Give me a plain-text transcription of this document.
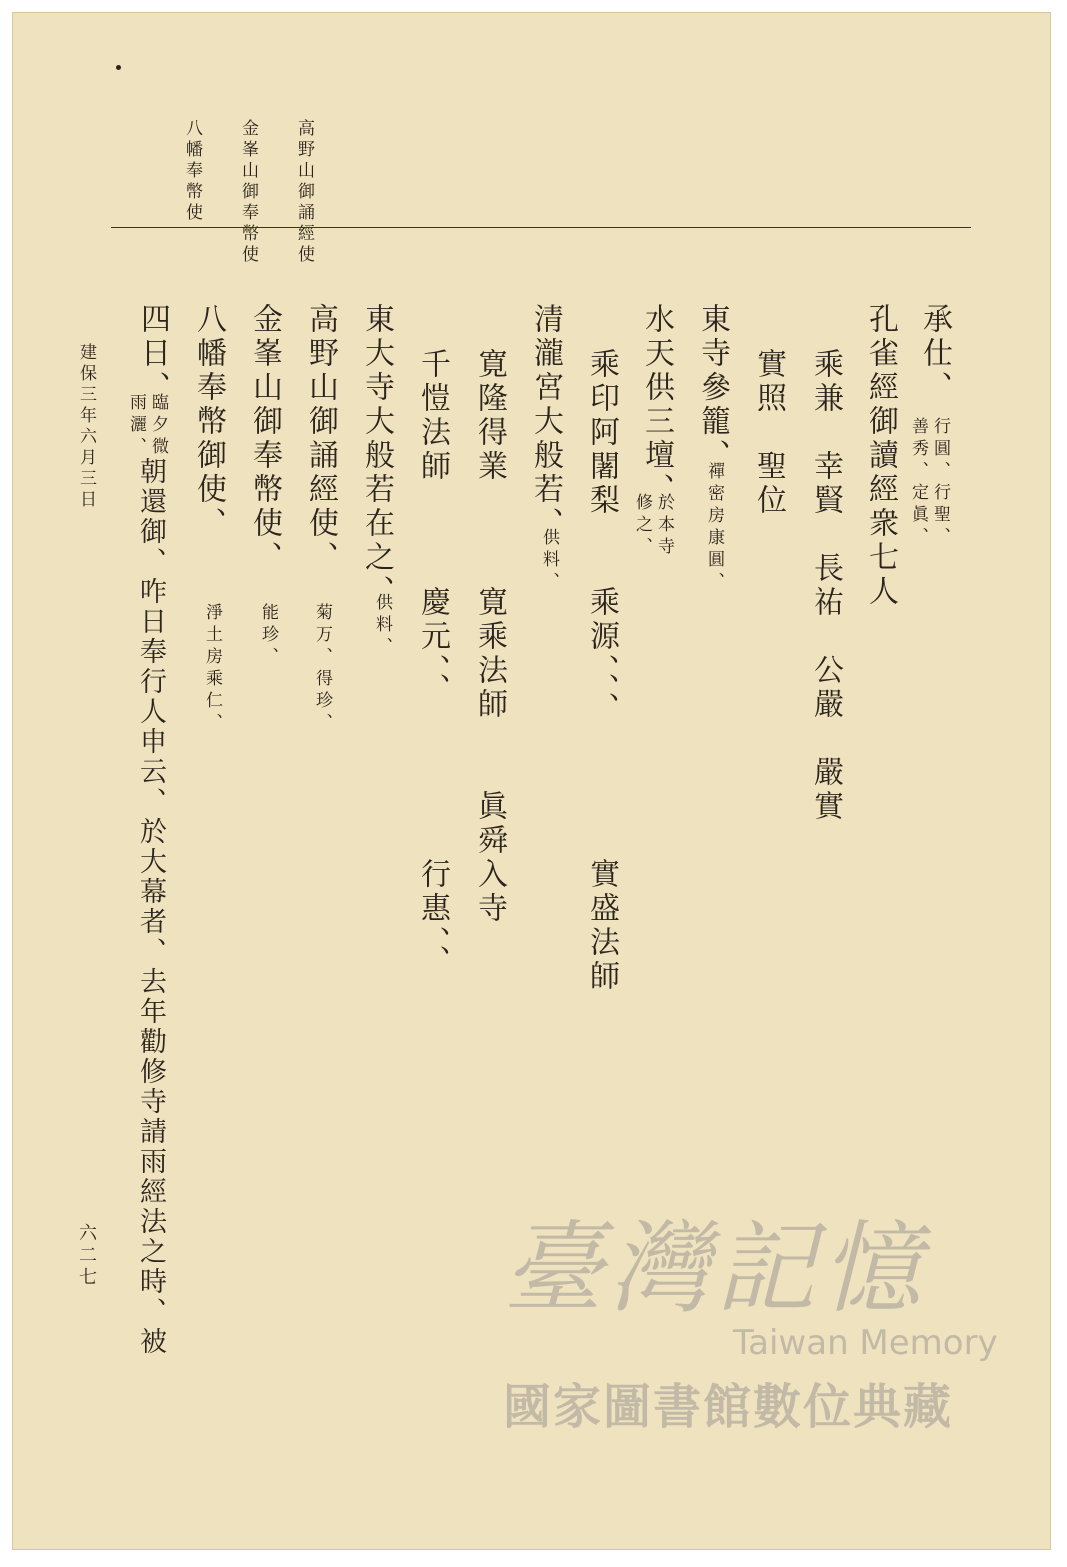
高野山御誦經使
金峯山御奉幣使
八幡奉幣使
承仕、
行圓、行聖、
善秀、定眞、
孔雀經御讀經衆七人
乘兼　幸賢　長祐　公嚴　嚴實
實照　聖位
東寺參籠、
禪密房康圓、
水天供三壇、
於本寺
修之、
乘印阿闍梨　　乘源、、、
實盛法師
清瀧宮大般若、
供料、
寛隆得業　　　寛乘法師　　眞舜入寺
千愷法師　　　慶元、、
行惠、、
東大寺大般若在之、
供料、
高野山御誦經使、
菊万、得珍、
金峯山御奉幣使、
能珍、
八幡奉幣御使、
淨土房乘仁、
四日、
臨夕微
雨灑、
朝還御、咋日奉行人申云、於大幕者、去年勸修寺請雨經法之時、被
建保三年六月三日
六二七	臺灣記憶
Taiwan Memory
國家圖書館數位典藏
